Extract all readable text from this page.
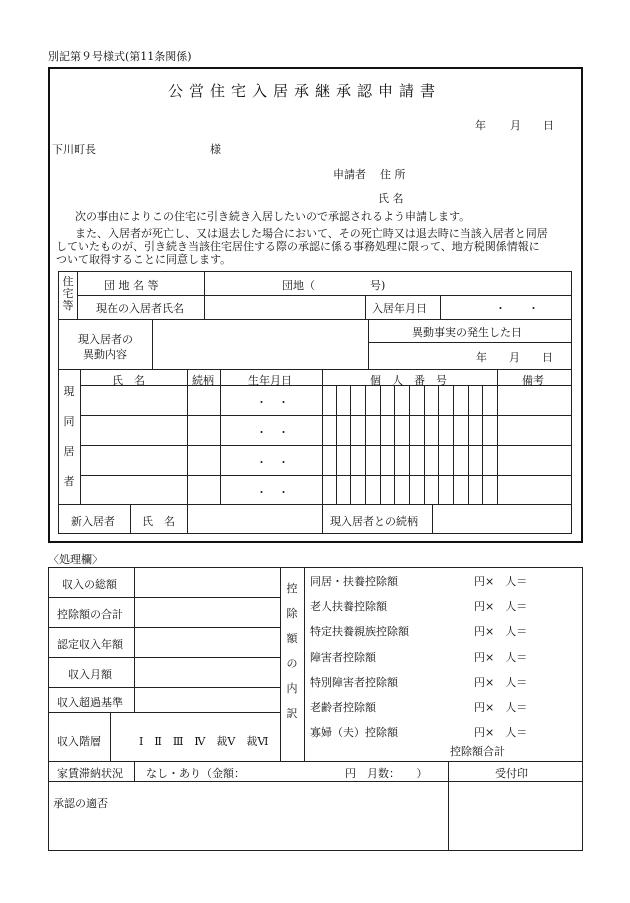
別記第９号様式(第11条関係)
公営住宅入居承継承認申請書
年 月 日
下川町長	様
申請者 住 所
氏 名
次の事由によりこの住宅に引き続き入居したいので承認されるよう申請します。
また、入居者が死亡し、又は退去した場合において、その死亡時又は退去時に当該入居者と同居
していたものが、引き続き当該住宅居住する際の承認に係る事務処理に限って、地方税関係情報に
ついて取得することに同意します。
住
宅
等
団 地 名 等	団地（　　　　　号)
現在の入居者氏名	入居年月日	・　　・
現入居者の
異動内容
異動事実の発生した日
年　　月　　日
現
同
居
者
氏　名	続柄	生年月日	個　人　番　号	備考
・　・
・　・
・　・
・　・
新入居者 氏　名	現入居者との続柄
〈処理欄〉
収入の総額
控除額の合計
認定収入年額
収入月額
収入超過基準
収入階層	Ⅰ　Ⅱ　Ⅲ　Ⅳ　裁Ⅴ　裁Ⅵ
控
除
額
の
内
訳
同居・扶養控除額	円×　人＝
老人扶養控除額	円×　人＝
特定扶養親族控除額	円×　人＝
障害者控除額	円×　人＝
特別障害者控除額	円×　人＝
老齢者控除額	円×　人＝
寡婦（夫）控除額	円×　人＝
控除額合計
家賃滞納状況 なし・あり（金額：	円　月数：　　）	受付印
承認の適否
